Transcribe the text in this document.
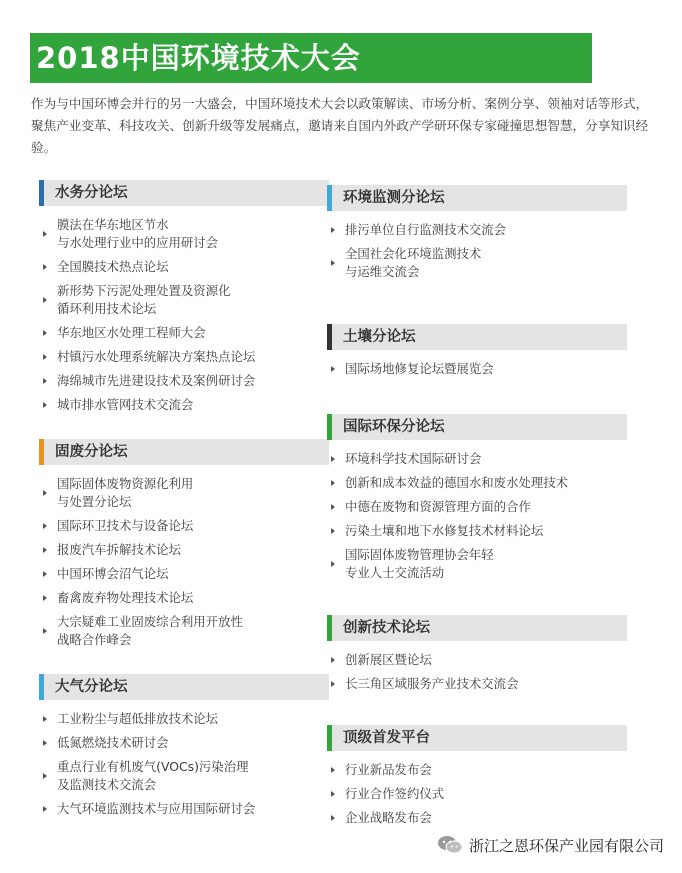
2018中国环境技术大会
作为与中国环博会并行的另一大盛会，中国环境技术大会以政策解读、市场分析、案例分享、领袖对话等形式，聚焦产业变革、科技攻关、创新升级等发展痛点，邀请来自国内外政产学研环保专家碰撞思想智慧，分享知识经验。
水务分论坛
膜法在华东地区节水
与水处理行业中的应用研讨会
全国膜技术热点论坛
新形势下污泥处理处置及资源化
循环利用技术论坛
华东地区水处理工程师大会
村镇污水处理系统解决方案热点论坛
海绵城市先进建设技术及案例研讨会
城市排水管网技术交流会
固废分论坛
国际固体废物资源化利用
与处置分论坛
国际环卫技术与设备论坛
报废汽车拆解技术论坛
中国环博会沼气论坛
畜禽废弃物处理技术论坛
大宗疑难工业固废综合利用开放性
战略合作峰会
大气分论坛
工业粉尘与超低排放技术论坛
低氮燃烧技术研讨会
重点行业有机废气(VOCs)污染治理
及监测技术交流会
大气环境监测技术与应用国际研讨会
环境监测分论坛
排污单位自行监测技术交流会
全国社会化环境监测技术
与运维交流会
土壤分论坛
国际场地修复论坛暨展览会
国际环保分论坛
环境科学技术国际研讨会
创新和成本效益的德国水和废水处理技术
中德在废物和资源管理方面的合作
污染土壤和地下水修复技术材料论坛
国际固体废物管理协会年轻
专业人士交流活动
创新技术论坛
创新展区暨论坛
长三角区域服务产业技术交流会
顶级首发平台
行业新品发布会
行业合作签约仪式
企业战略发布会
浙江之恩环保产业园有限公司
